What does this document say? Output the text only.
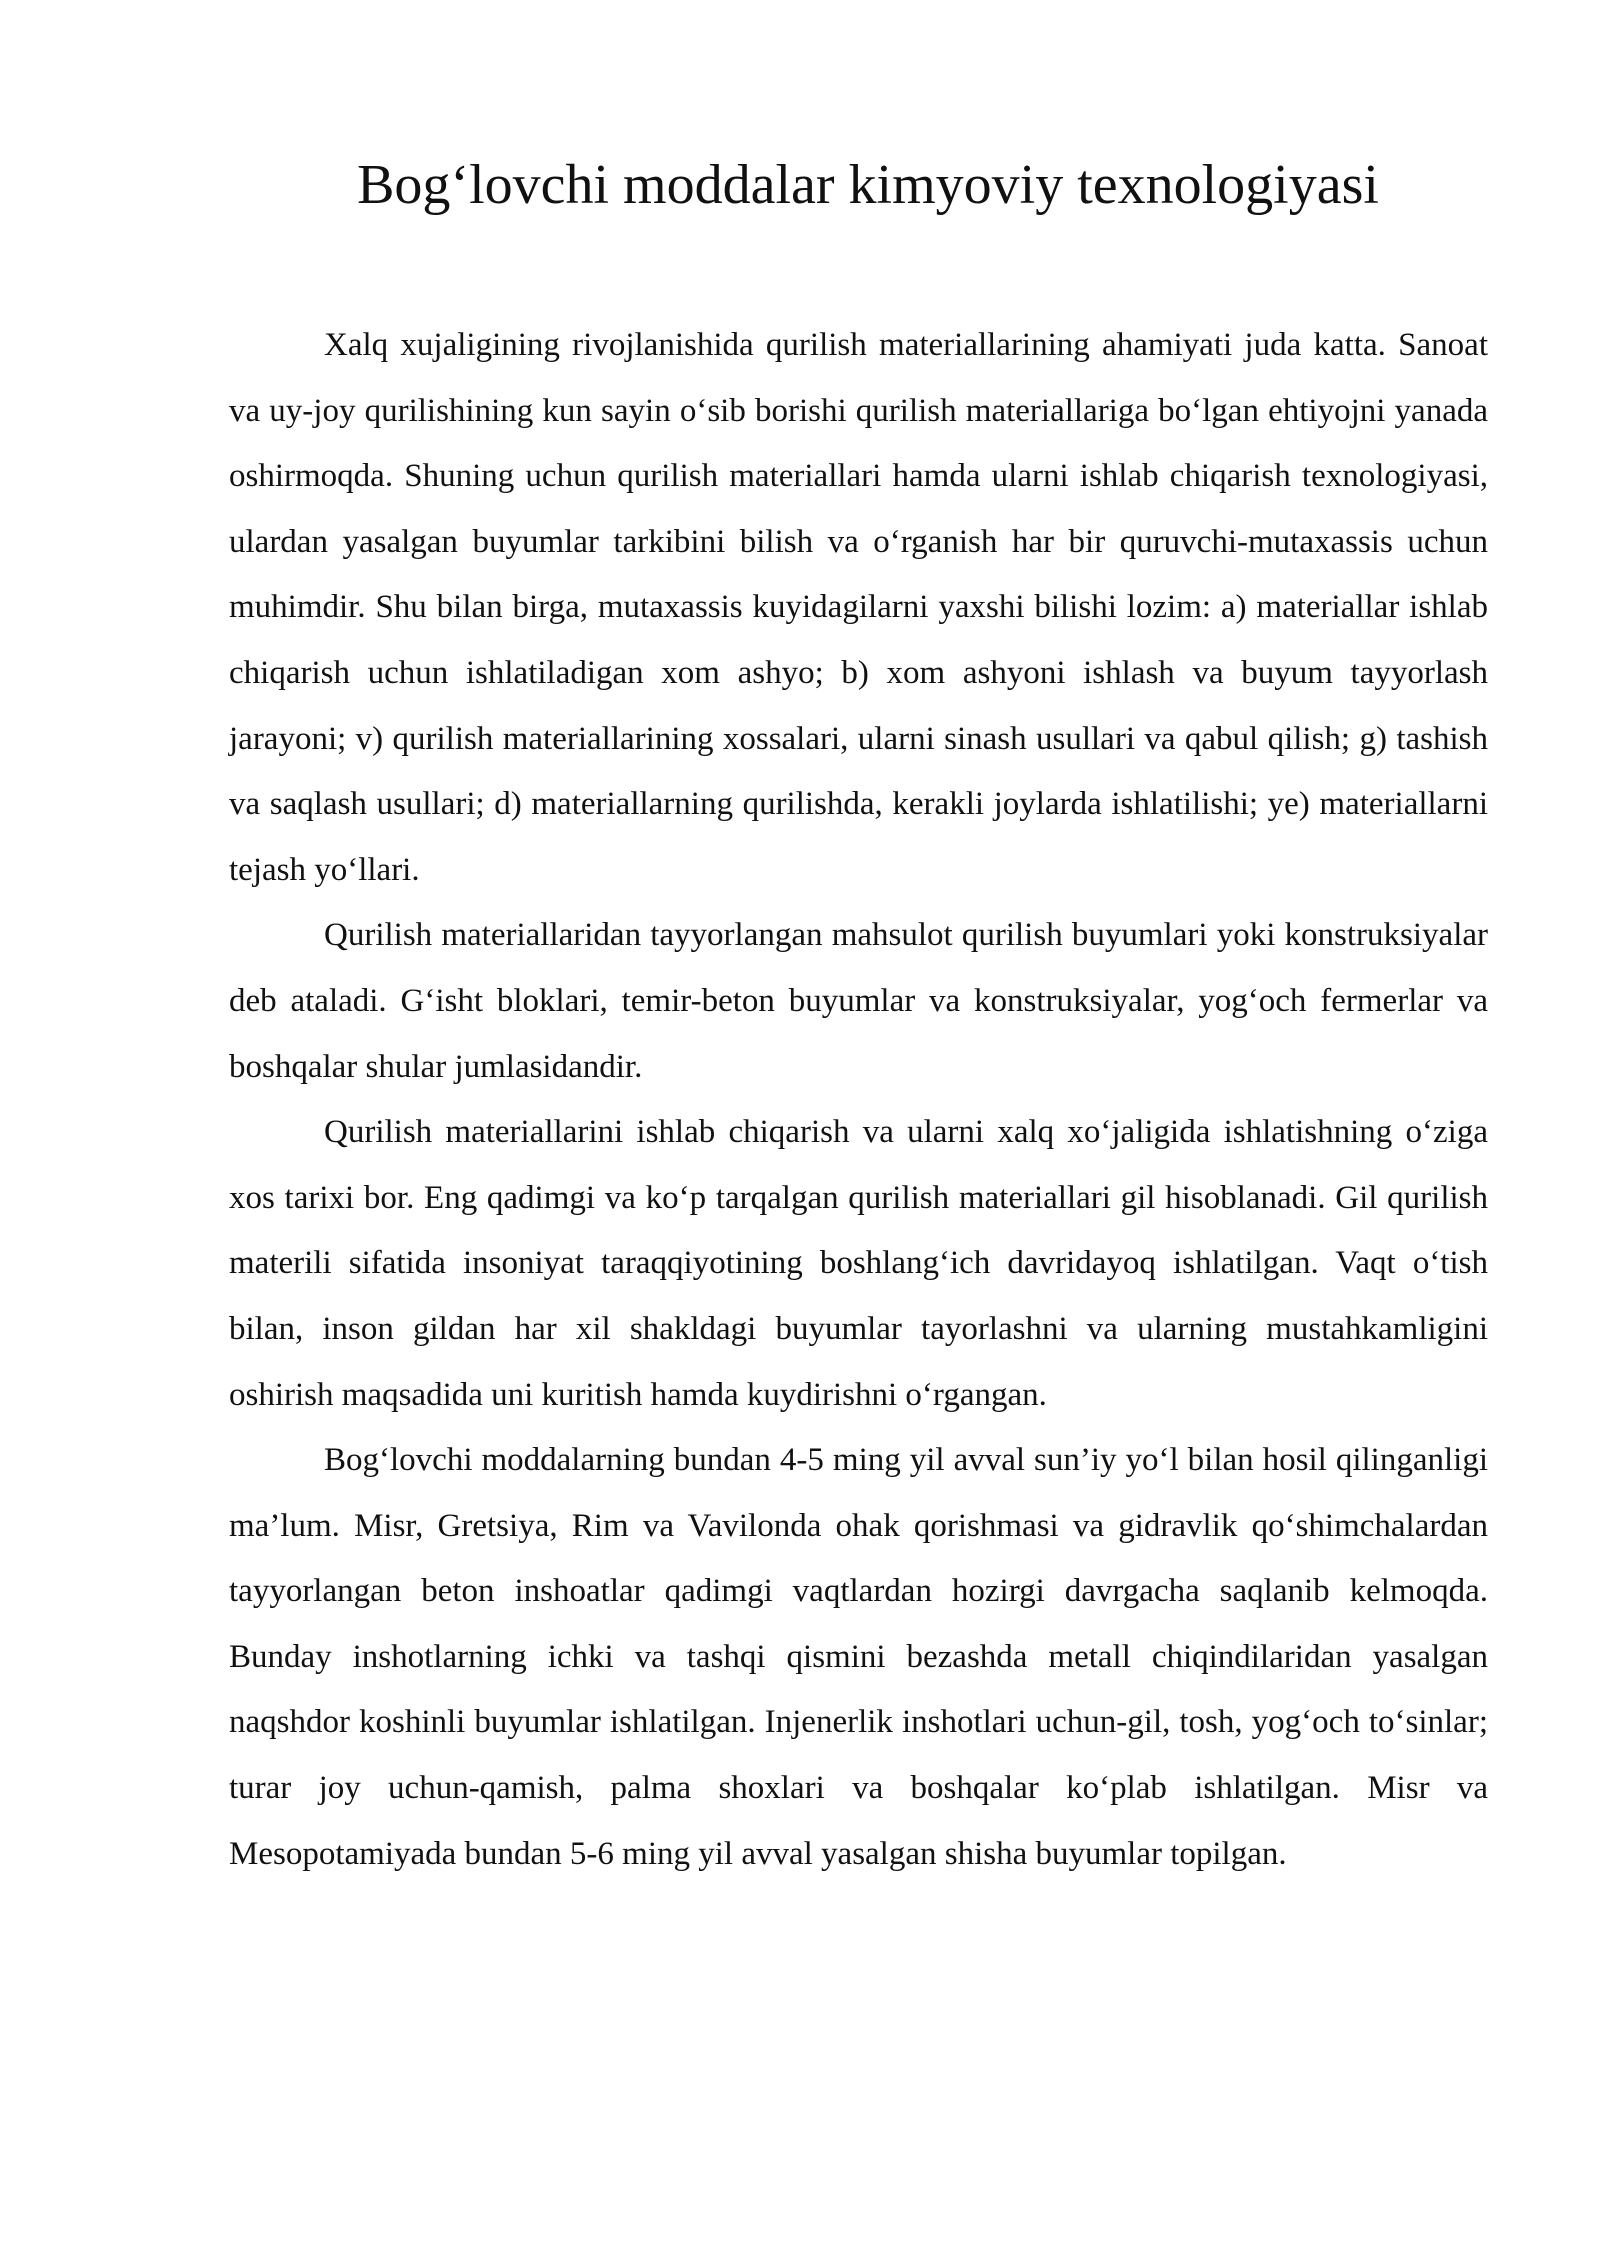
Bog‘lovchi moddalar kimyoviy texnologiyasi

Xalq xujaligining rivojlanishida qurilish materiallarining ahamiyati juda katta. Sanoat va uy-joy qurilishining kun sayin o‘sib borishi qurilish materiallariga bo‘lgan ehtiyojni yanada oshirmoqda. Shuning uchun qurilish materiallari hamda ularni ishlab chiqarish texnologiyasi, ulardan yasalgan buyumlar tarkibini bilish va o‘rganish har bir quruvchi-mutaxassis uchun muhimdir. Shu bilan birga, mutaxassis kuyidagilarni yaxshi bilishi lozim: a) materiallar ishlab chiqarish uchun ishlatiladigan xom ashyo; b) xom ashyoni ishlash va buyum tayyorlash jarayoni; v) qurilish materiallarining xossalari, ularni sinash usullari va qabul qilish; g) tashish va saqlash usullari; d) materiallarning qurilishda, kerakli joylarda ishlatilishi; ye) materiallarni tejash yo‘llari.

Qurilish materiallaridan tayyorlangan mahsulot qurilish buyumlari yoki konstruksiyalar deb ataladi. G‘isht bloklari, temir-beton buyumlar va konstruksiyalar, yog‘och fermerlar va boshqalar shular jumlasidandir.

Qurilish materiallarini ishlab chiqarish va ularni xalq xo‘jaligida ishlatishning o‘ziga xos tarixi bor. Eng qadimgi va ko‘p tarqalgan qurilish materiallari gil hisoblanadi. Gil qurilish materili sifatida insoniyat taraqqiyotining boshlang‘ich davridayoq ishlatilgan. Vaqt o‘tish bilan, inson gildan har xil shakldagi buyumlar tayorlashni va ularning mustahkamligini oshirish maqsadida uni kuritish hamda kuydirishni o‘rgangan.

Bog‘lovchi moddalarning bundan 4-5 ming yil avval sun’iy yo‘l bilan hosil qilinganligi ma’lum. Misr, Gretsiya, Rim va Vavilonda ohak qorishmasi va gidravlik qo‘shimchalardan tayyorlangan beton inshoatlar qadimgi vaqtlardan hozirgi davrgacha saqlanib kelmoqda. Bunday inshotlarning ichki va tashqi qismini bezashda metall chiqindilaridan yasalgan naqshdor koshinli buyumlar ishlatilgan. Injenerlik inshotlari uchun-gil, tosh, yog‘och to‘sinlar; turar joy uchun-qamish, palma shoxlari va boshqalar ko‘plab ishlatilgan. Misr va Mesopotamiyada bundan 5-6 ming yil avval yasalgan shisha buyumlar topilgan.
